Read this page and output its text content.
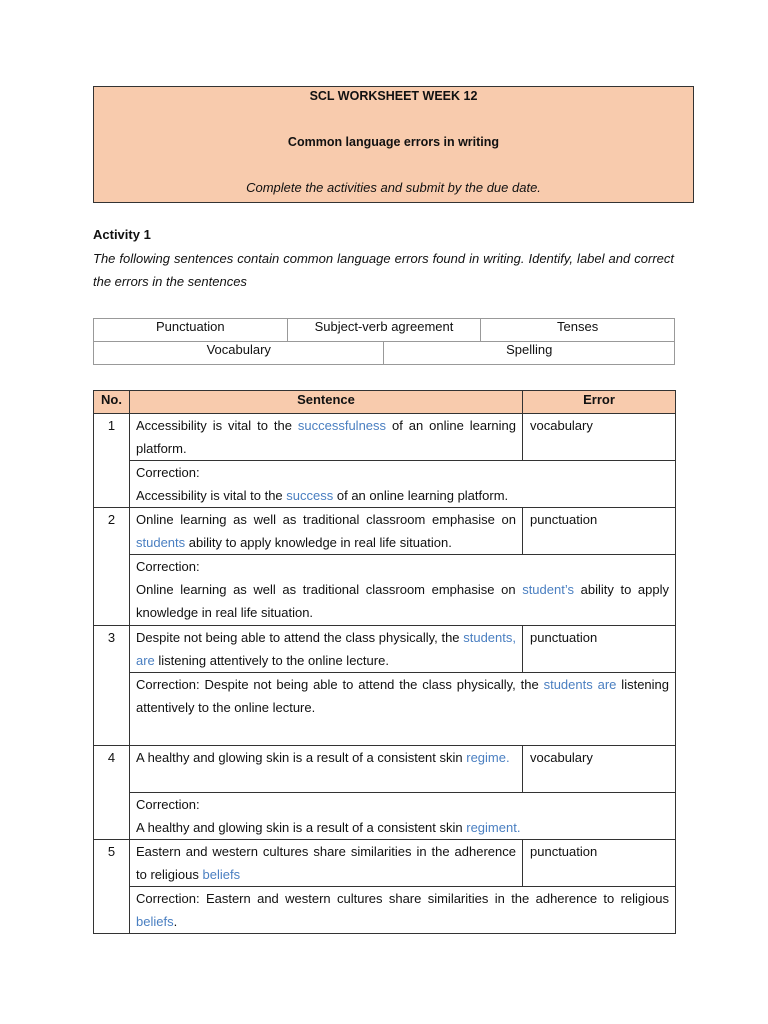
SCL WORKSHEET WEEK 12
Common language errors in writing
Complete the activities and submit by the due date.
Activity 1
The following sentences contain common language errors found in writing. Identify, label and correct the errors in the sentences
Punctuation	Subject-verb agreement		Tenses
Vocabulary		Spelling	
No.	Sentence	Error
1	Accessibility is vital to the successfulness of an online learning platform.	vocabulary
	Correction:
Accessibility is vital to the success of an online learning platform.	
2	Online learning as well as traditional classroom emphasise on students ability to apply knowledge in real life situation.	punctuation
	Correction:
Online learning as well as traditional classroom emphasise on student’s ability to apply knowledge in real life situation.	
3	Despite not being able to attend the class physically, the students, are listening attentively to the online lecture.	punctuation
	Correction: Despite not being able to attend the class physically, the students are listening attentively to the online lecture.	
4	A healthy and glowing skin is a result of a consistent skin regime.	vocabulary
	Correction:
A healthy and glowing skin is a result of a consistent skin regiment.	
5	Eastern and western cultures share similarities in the adherence to religious beliefs	punctuation
	Correction: Eastern and western cultures share similarities in the adherence to religious beliefs.	
